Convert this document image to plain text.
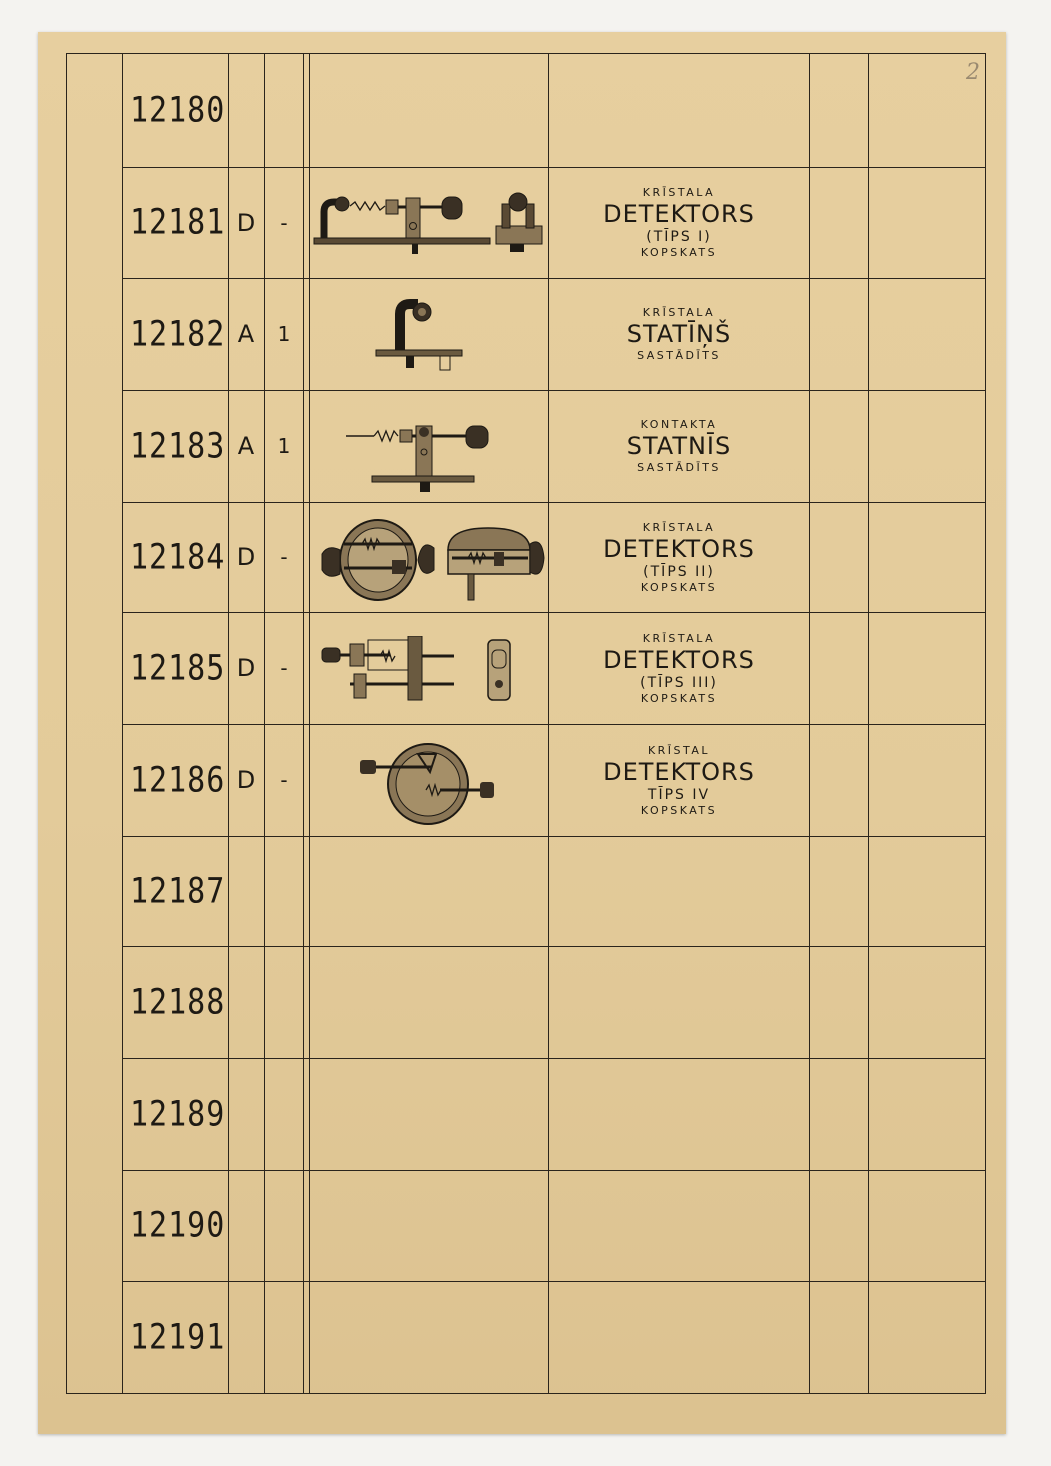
2
12180
12181 D	-
KRĪSTALA
DETEKTORS
(TĪPS I)
KOPSKATS
12182 A	1
KRĪSTALA
STATĪŅŠ
SASTĀDĪTS
12183 A	1
KONTAKTA
STATNĪS
SASTĀDĪTS
12184 D	-
KRĪSTALA
DETEKTORS
(TĪPS II)
KOPSKATS
12185 D	-
KRĪSTALA
DETEKTORS
(TĪPS III)
KOPSKATS
12186 D	-
KRĪSTAL
DETEKTORS
TĪPS IV
KOPSKATS
12187
12188
12189
12190
12191
